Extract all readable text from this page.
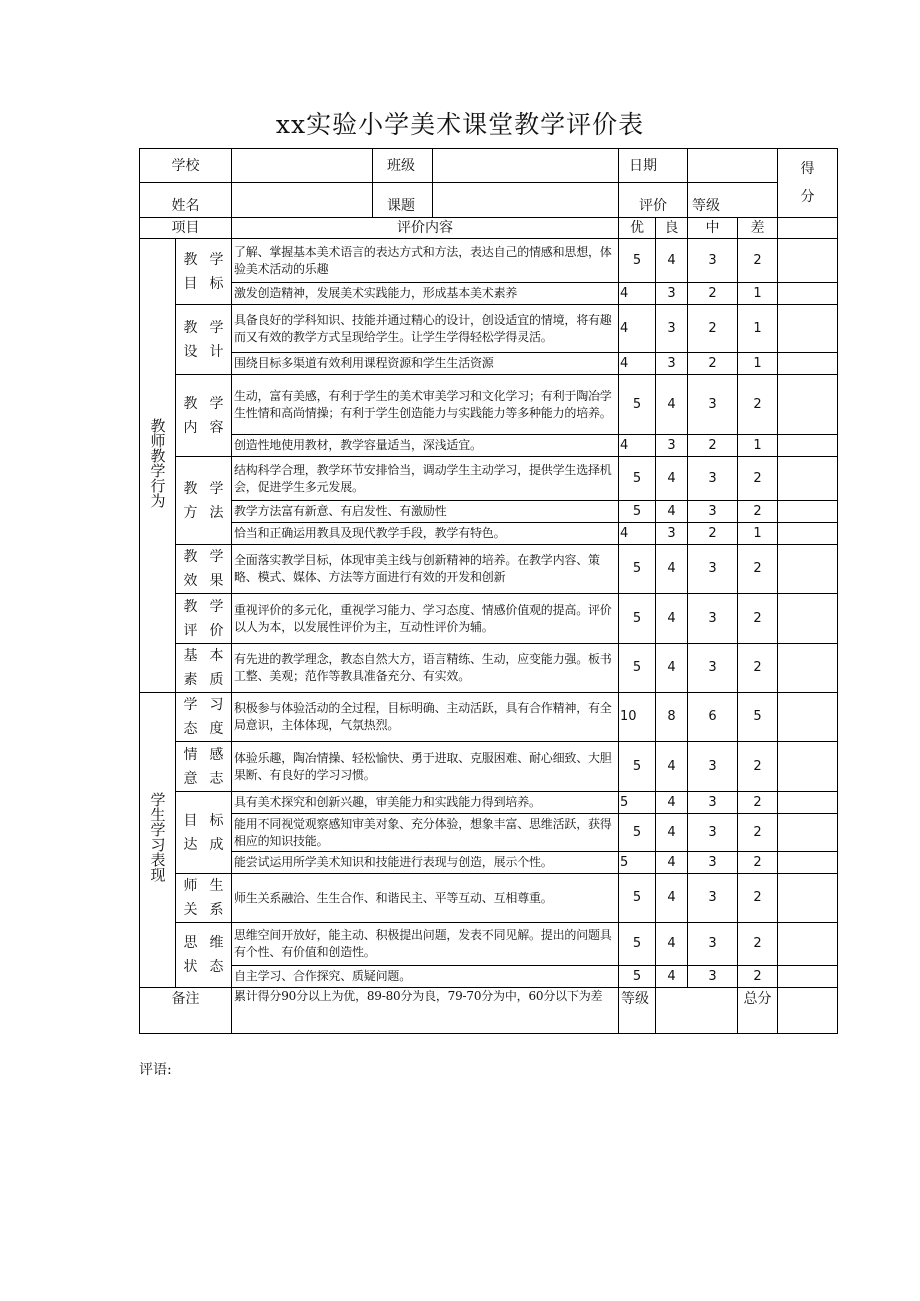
xx实验小学美术课堂教学评价表
学校		班级	日期				得分

姓名		课题	评价		等级		
项目		评价内容	优	良	中	差	
教师教学行为	教学目标	了解、掌握基本美术语言的表达方式和方法，表达自己的情感和思想，体验美术活动的乐趣	5	4	3	2	
		激发创造精神，发展美术实践能力，形成基本美术素养	4	3	2	1	

	教学设计	具备良好的学科知识、技能并通过精心的设计，创设适宜的情境，将有趣而又有效的教学方式呈现给学生。让学生学得轻松学得灵活。	4	3	2	1	
		围绕目标多渠道有效利用课程资源和学生生活资源	4	3	2	1	

	教学内容	生动，富有美感，有利于学生的美术审美学习和文化学习；有利于陶冶学生性情和高尚情操；有利于学生创造能力与实践能力等多种能力的培养。	5	4	3	2	
		创造性地使用教材，教学容量适当，深浅适宜。	4	3	2	1	

	教学方法	结构科学合理，教学环节安排恰当，调动学生主动学习，提供学生选择机会，促进学生多元发展。	5	4	3	2	
		教学方法富有新意、有启发性、有激励性	5	4	3	2	
		恰当和正确运用教具及现代教学手段，教学有特色。	4	3	2	1	

	教学效果	全面落实教学目标，体现审美主线与创新精神的培养。在教学内容、策略、模式、媒体、方法等方面进行有效的开发和创新	5	4	3	2	

	教学评价	重视评价的多元化，重视学习能力、学习态度、情感价值观的提高。评价以人为本，以发展性评价为主，互动性评价为辅。	5	4	3	2	

	基本素质	有先进的教学理念，教态自然大方，语言精练、生动，应变能力强。板书工整、美观；范作等教具准备充分、有实效。	5	4	3	2	
学生学习表现	学习态度	积极参与体验活动的全过程，目标明确、主动活跃，具有合作精神，有全局意识，主体体现，气氛热烈。	10	8	6	5	

	情感意志	体验乐趣，陶冶情操、轻松愉快、勇于进取、克服困难、耐心细致、大胆果断、有良好的学习习惯。	5	4	3	2	

	目标达成	具有美术探究和创新兴趣，审美能力和实践能力得到培养。	5	4	3	2	
		能用不同视觉观察感知审美对象、充分体验，想象丰富、思维活跃，获得相应的知识技能。	5	4	3	2	
		能尝试运用所学美术知识和技能进行表现与创造，展示个性。	5	4	3	2	

	师生关系	师生关系融洽、生生合作、和谐民主、平等互动、互相尊重。	5	4	3	2	

	思维状态	思维空间开放好，能主动、积极提出问题，发表不同见解。提出的问题具有个性、有价值和创造性。	5	4	3	2	
		自主学习、合作探究、质疑问题。	5	4	3	2	
备注		累计得分90分以上为优，89-80分为良，79-70分为中，60分以下为差	等级			总分	
评语:
